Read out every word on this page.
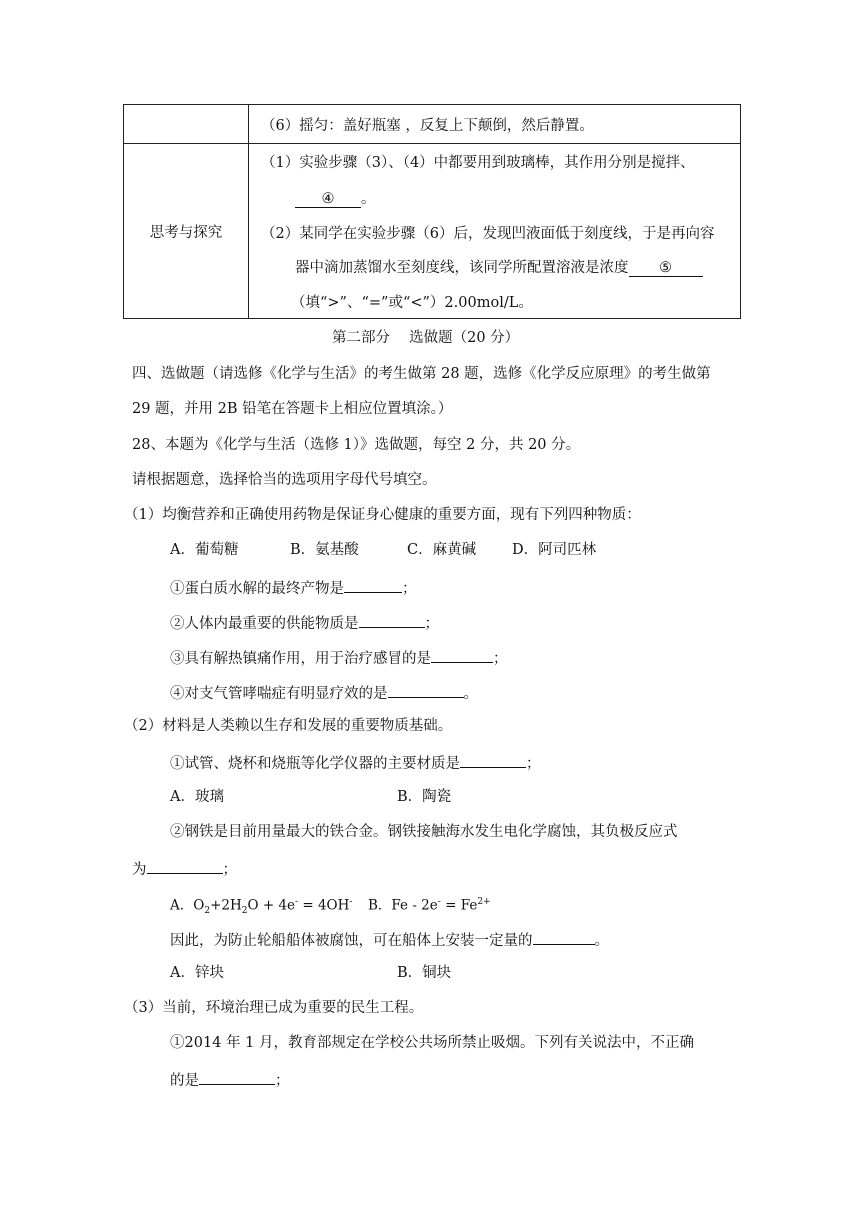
	（6）摇匀：盖好瓶塞 ，反复上下颠倒，然后静置。

思考与探究	（1）实验步骤（3）、（4）中都要用到玻璃棒，其作用分别是搅拌、
④ 。
（2）某同学在实验步骤（6）后，发现凹液面低于刻度线，于是再向容
器中滴加蒸馏水至刻度线，该同学所配置溶液是浓度 ⑤
（填“>”、“=”或“<”）2.00mol/L。
第二部分　 选做题（20 分）
四、选做题（请选修《化学与生活》的考生做第 28 题，选修《化学反应原理》的考生做第
29 题，并用 2B 铅笔在答题卡上相应位置填涂。）
28、本题为《化学与生活（选修 1）》选做题，每空 2 分，共 20 分。
请根据题意，选择恰当的选项用字母代号填空。
（1）均衡营养和正确使用药物是保证身心健康的重要方面，现有下列四种物质：
A．葡萄糖	B．氨基酸	C．麻黄碱 D．阿司匹林
①蛋白质水解的最终产物是	；
②人体内最重要的供能物质是	；
③具有解热镇痛作用，用于治疗感冒的是	；
④对支气管哮喘症有明显疗效的是	。
（2）材料是人类赖以生存和发展的重要物质基础。
①试管、烧杯和烧瓶等化学仪器的主要材质是	；
A．玻璃	B．陶瓷
②钢铁是目前用量最大的铁合金。钢铁接触海水发生电化学腐蚀，其负极反应式
为	；
A．$O_2+2H_2O + 4e^- = 4OH^-$ B．$Fe - 2e^- = Fe^{2+}$
因此，为防止轮船船体被腐蚀，可在船体上安装一定量的	。
A．锌块	B．铜块
（3）当前，环境治理已成为重要的民生工程。
①2014 年 1 月，教育部规定在学校公共场所禁止吸烟。下列有关说法中，不正确
的是	；
